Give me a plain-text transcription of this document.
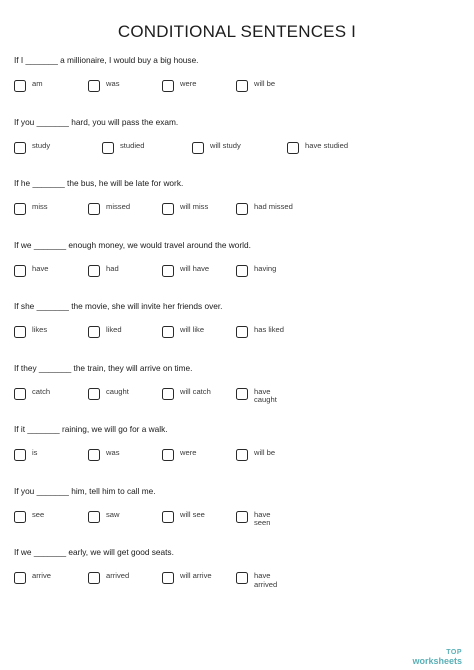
CONDITIONAL SENTENCES I
If I _______ a millionaire, I would buy a big house.
am	was	were	will be
If you _______ hard, you will pass the exam.
study	studied	will study	have studied
If he _______ the bus, he will be late for work.
miss	missed	will miss	had missed
If we _______ enough money, we would travel around the world.
have	had	will have	having
If she _______ the movie, she will invite her friends over.
likes	liked	will like	has liked
If they _______ the train, they will arrive on time.
catch	caught	will catch	have caught
If it _______ raining, we will go for a walk.
is	was	were	will be
If you _______ him, tell him to call me.
see	saw	will see	have seen
If we _______ early, we will get good seats.
arrive	arrived	will arrive	have arrived
TOP
worksheets
